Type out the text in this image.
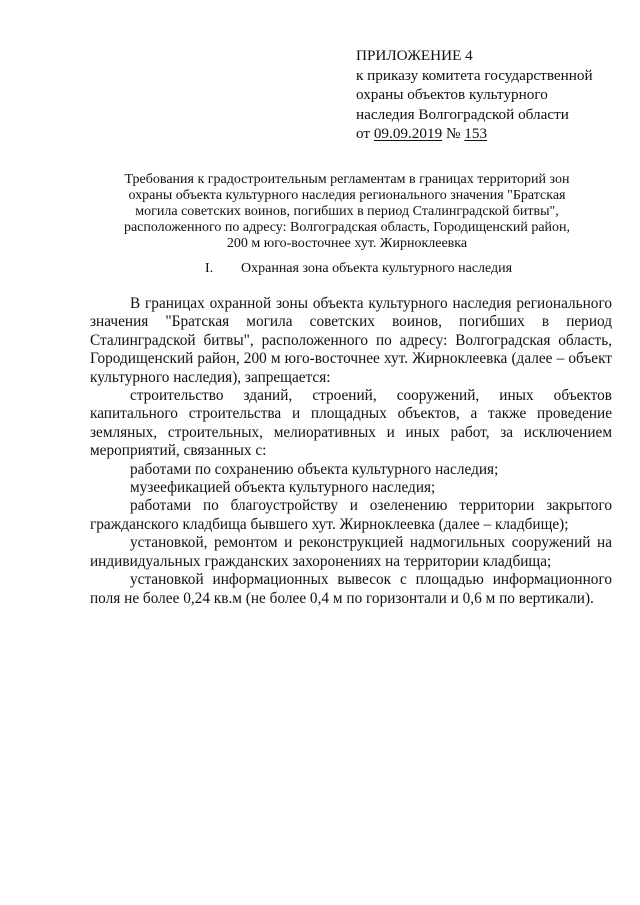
ПРИЛОЖЕНИЕ 4
к приказу комитета государственной
охраны объектов культурного
наследия Волгоградской области
от 09.09.2019 № 153
Требования к градостроительным регламентам в границах территорий зон
охраны объекта культурного наследия регионального значения "Братская
могила советских воинов, погибших в период Сталинградской битвы",
расположенного по адресу: Волгоградская область, Городищенский район,
200 м юго-восточнее хут. Жирноклеевка
I. Охранная зона объекта культурного наследия

В границах охранной зоны объекта культурного наследия регионального значения "Братская могила советских воинов, погибших в период Сталинградской битвы", расположенного по адресу: Волгоградская область, Городищенский район, 200 м юго-восточнее хут. Жирноклеевка (далее – объект культурного наследия), запрещается:

строительство зданий, строений, сооружений, иных объектов капитального строительства и площадных объектов, а также проведение земляных, строительных, мелиоративных и иных работ, за исключением мероприятий, связанных с:

работами по сохранению объекта культурного наследия;

музеефикацией объекта культурного наследия;

работами по благоустройству и озеленению территории закрытого гражданского кладбища бывшего хут. Жирноклеевка (далее – кладбище);

установкой, ремонтом и реконструкцией надмогильных сооружений на индивидуальных гражданских захоронениях на территории кладбища;

установкой информационных вывесок с площадью информационного поля не более 0,24 кв.м (не более 0,4 м по горизонтали и 0,6 м по вертикали).
